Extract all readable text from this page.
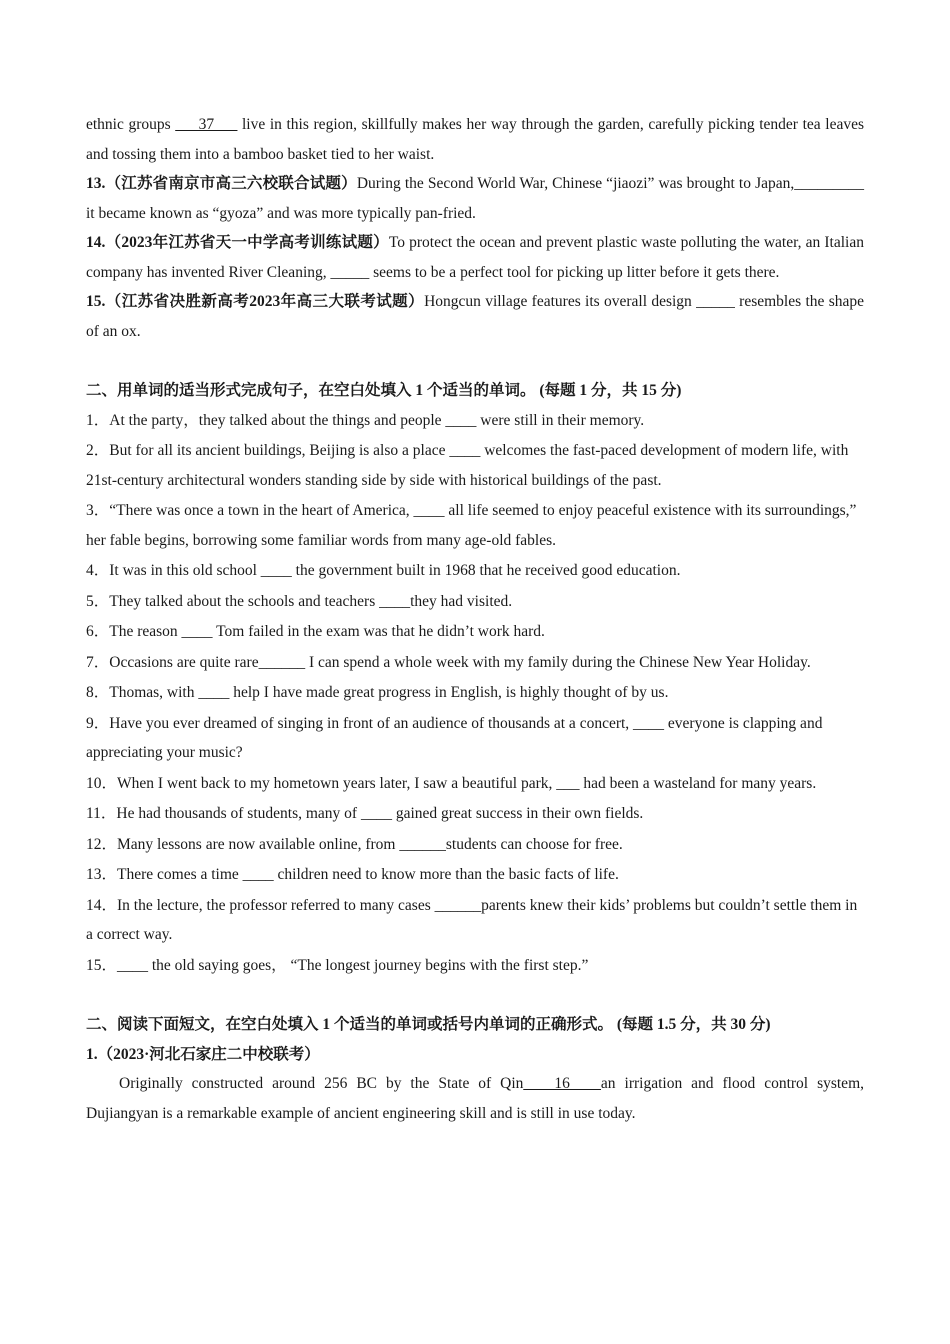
ethnic groups ___37___ live in this region, skillfully makes her way through the garden, carefully picking tender tea leaves and tossing them into a bamboo basket tied to her waist.

13.（江苏省南京市高三六校联合试题）During the Second World War, Chinese “jiaozi” was brought to Japan,_________ it became known as “gyoza” and was more typically pan-fried.

14.（2023年江苏省天一中学高考训练试题）To protect the ocean and prevent plastic waste polluting the water, an Italian company has invented River Cleaning, _____ seems to be a perfect tool for picking up litter before it gets there.

15.（江苏省决胜新高考2023年高三大联考试题）Hongcun village features its overall design _____ resembles the shape of an ox.

二、用单词的适当形式完成句子，在空白处填入 1 个适当的单词。 (每题 1 分，共 15 分)

1．At the party，they talked about the things and people ____ were still in their memory.

2．But for all its ancient buildings, Beijing is also a place ____ welcomes the fast-paced development of modern life, with 21st-century architectural wonders standing side by side with historical buildings of the past.

3．“There was once a town in the heart of America, ____ all life seemed to enjoy peaceful existence with its surroundings,” her fable begins, borrowing some familiar words from many age-old fables.

4．It was in this old school ____ the government built in 1968 that he received good education.

5．They talked about the schools and teachers ____they had visited.

6．The reason ____ Tom failed in the exam was that he didn’t work hard.

7．Occasions are quite rare______ I can spend a whole week with my family during the Chinese New Year Holiday.

8．Thomas, with ____ help I have made great progress in English, is highly thought of by us.

9．Have you ever dreamed of singing in front of an audience of thousands at a concert, ____ everyone is clapping and appreciating your music?

10．When I went back to my hometown years later, I saw a beautiful park, ___ had been a wasteland for many years.

11．He had thousands of students, many of ____ gained great success in their own fields.

12．Many lessons are now available online, from ______students can choose for free.

13．There comes a time ____ children need to know more than the basic facts of life.

14．In the lecture, the professor referred to many cases ______parents knew their kids’ problems but couldn’t settle them in a correct way.

15．____ the old saying goes， “The longest journey begins with the first step.”

二、阅读下面短文，在空白处填入 1 个适当的单词或括号内单词的正确形式。 (每题 1.5 分，共 30 分)

1.（2023·河北石家庄二中校联考）

Originally constructed around 256 BC by the State of Qin____16____an irrigation and flood control system, Dujiangyan is a remarkable example of ancient engineering skill and is still in use today.
